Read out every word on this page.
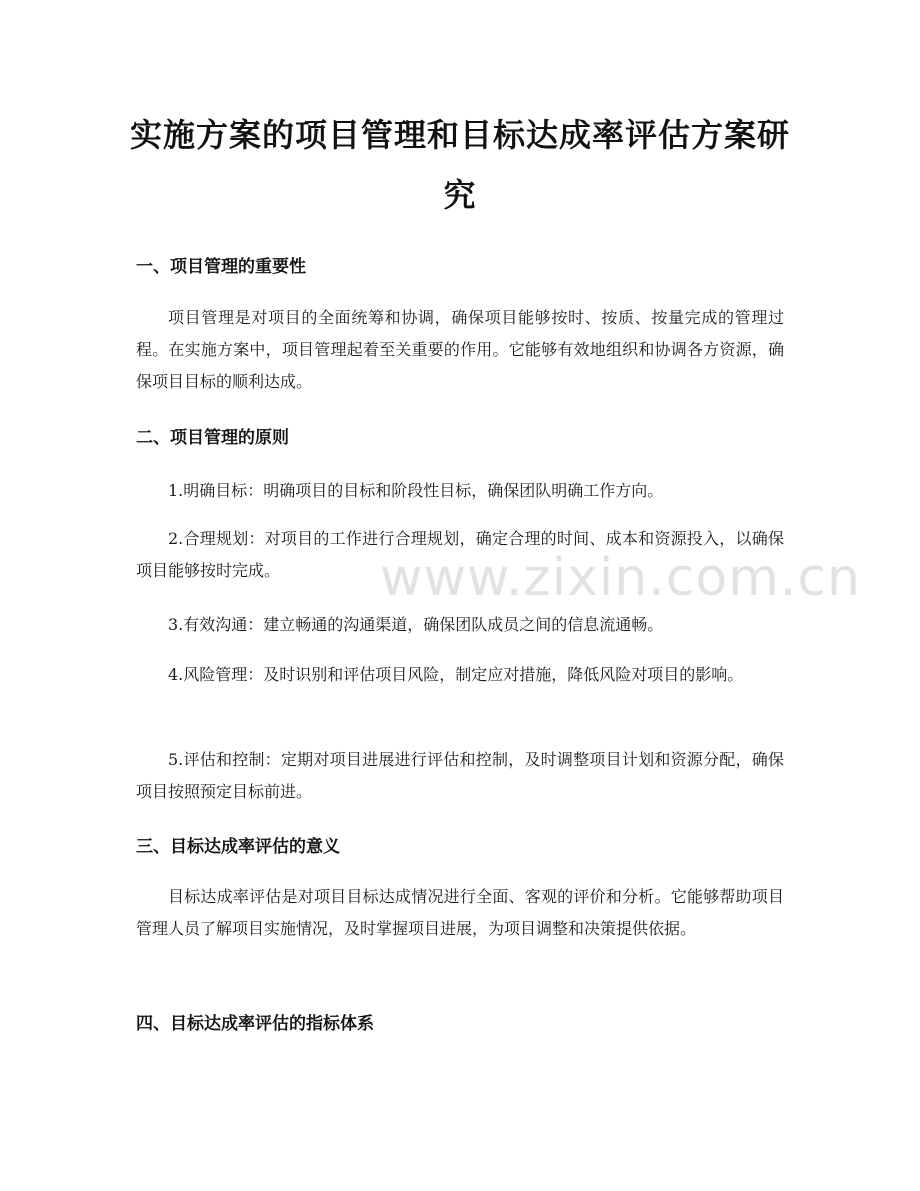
实施方案的项目管理和目标达成率评估方案研究
一、项目管理的重要性

项目管理是对项目的全面统筹和协调，确保项目能够按时、按质、按量完成的管理过程。在实施方案中，项目管理起着至关重要的作用。它能够有效地组织和协调各方资源，确保项目目标的顺利达成。

二、项目管理的原则

1.明确目标：明确项目的目标和阶段性目标，确保团队明确工作方向。

2.合理规划：对项目的工作进行合理规划，确定合理的时间、成本和资源投入，以确保项目能够按时完成。

3.有效沟通：建立畅通的沟通渠道，确保团队成员之间的信息流通畅。

4.风险管理：及时识别和评估项目风险，制定应对措施，降低风险对项目的影响。

5.评估和控制：定期对项目进展进行评估和控制，及时调整项目计划和资源分配，确保项目按照预定目标前进。

三、目标达成率评估的意义

目标达成率评估是对项目目标达成情况进行全面、客观的评价和分析。它能够帮助项目管理人员了解项目实施情况，及时掌握项目进展，为项目调整和决策提供依据。

四、目标达成率评估的指标体系
www.zixin.com.cn
